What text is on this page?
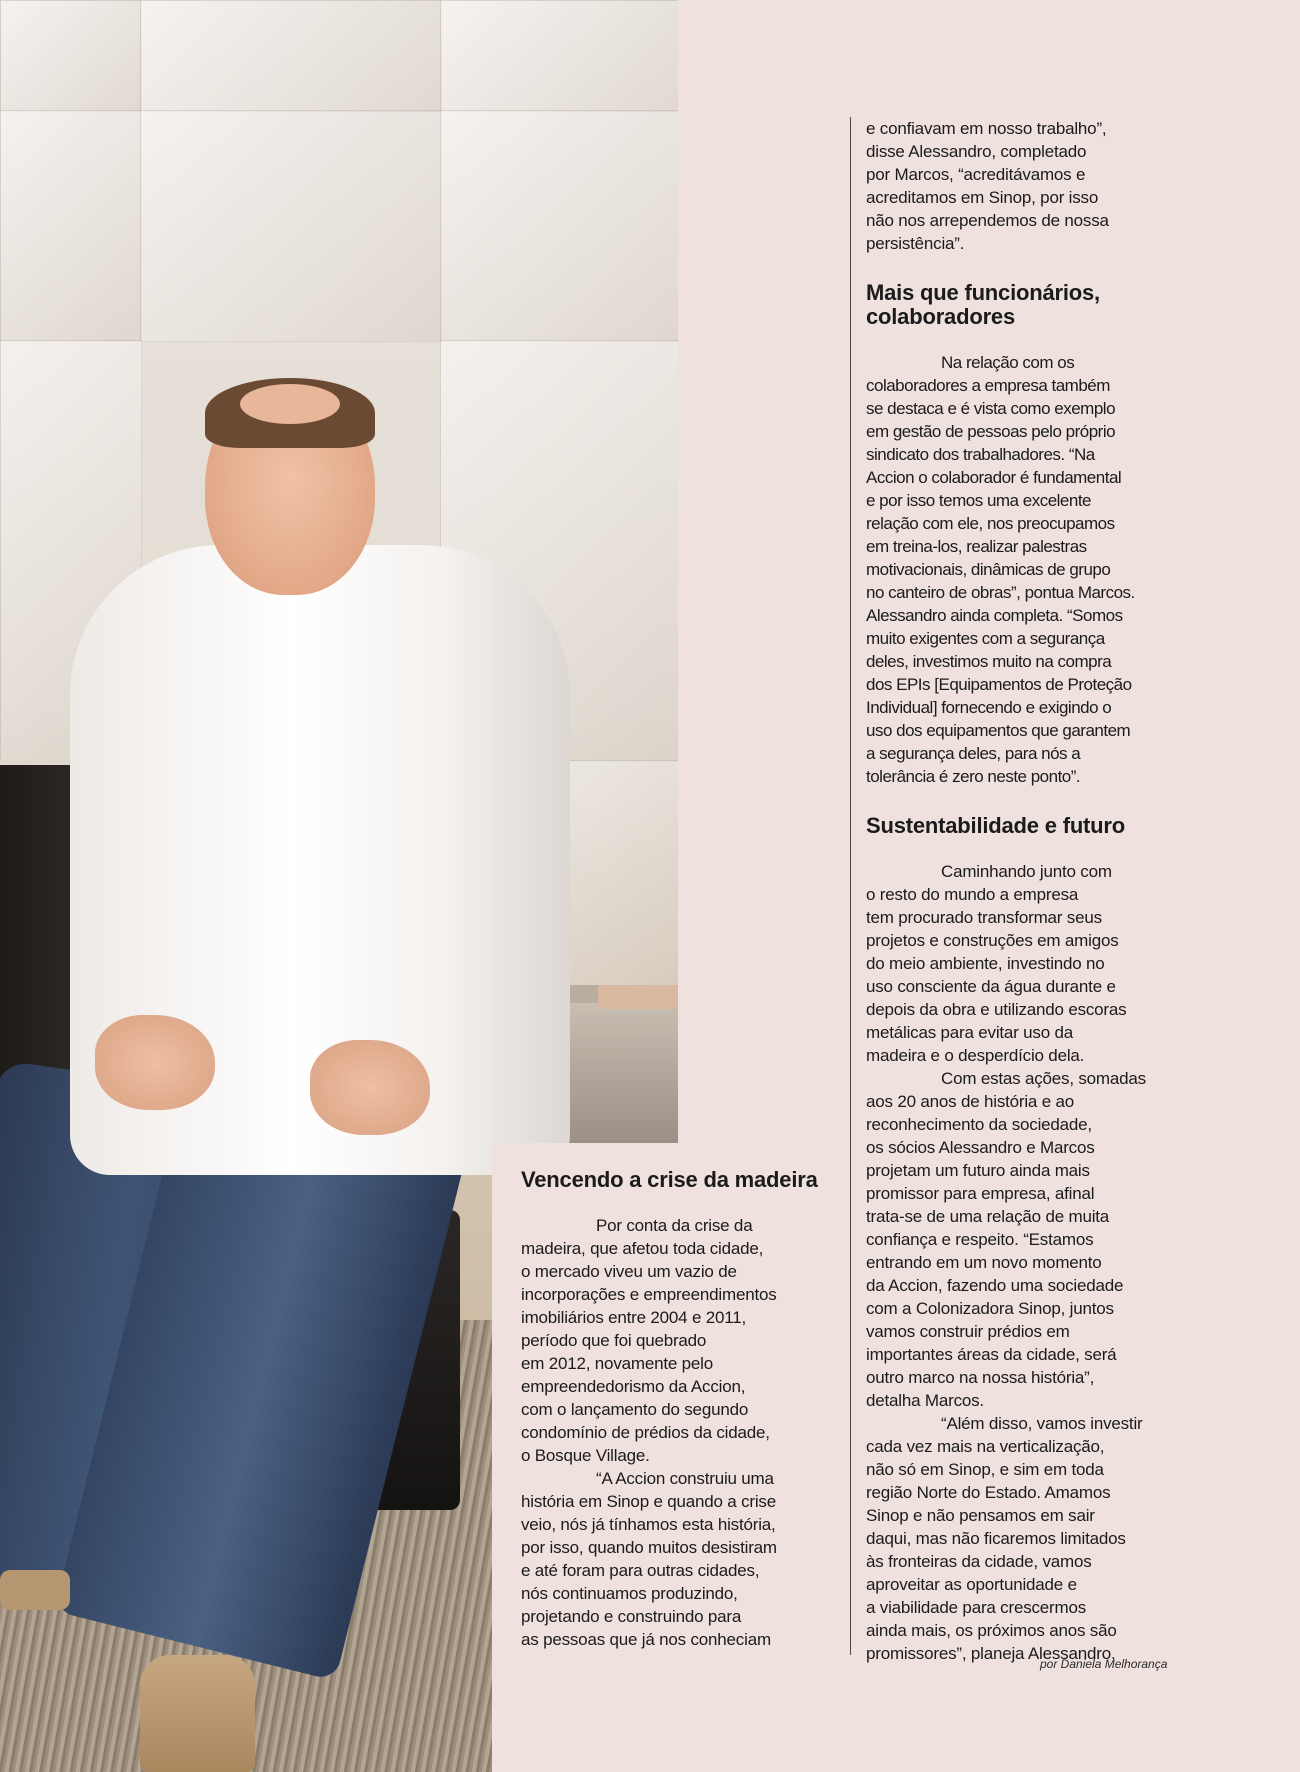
Vencendo a crise da madeira

Por conta da crise da
madeira, que afetou toda cidade,
o mercado viveu um vazio de
incorporações e empreendimentos
imobiliários entre 2004 e 2011,
período que foi quebrado
em 2012, novamente pelo
empreendedorismo da Accion,
com o lançamento do segundo
condomínio de prédios da cidade,
o Bosque Village.

“A Accion construiu uma
história em Sinop e quando a crise
veio, nós já tínhamos esta história,
por isso, quando muitos desistiram
e até foram para outras cidades,
nós continuamos produzindo,
projetando e construindo para
as pessoas que já nos conheciam

e confiavam em nosso trabalho”,
disse Alessandro, completado
por Marcos, “acreditávamos e
acreditamos em Sinop, por isso
não nos arrependemos de nossa
persistência”.

Mais que funcionários,
colaboradores

Na relação com os
colaboradores a empresa também
se destaca e é vista como exemplo
em gestão de pessoas pelo próprio
sindicato dos trabalhadores. “Na
Accion o colaborador é fundamental
e por isso temos uma excelente
relação com ele, nos preocupamos
em treina-los, realizar palestras
motivacionais, dinâmicas de grupo
no canteiro de obras”, pontua Marcos.
Alessandro ainda completa. “Somos
muito exigentes com a segurança
deles, investimos muito na compra
dos EPIs [Equipamentos de Proteção
Individual] fornecendo e exigindo o
uso dos equipamentos que garantem
a segurança deles, para nós a
tolerância é zero neste ponto”.

Sustentabilidade e futuro

Caminhando junto com
o resto do mundo a empresa
tem procurado transformar seus
projetos e construções em amigos
do meio ambiente, investindo no
uso consciente da água durante e
depois da obra e utilizando escoras
metálicas para evitar uso da
madeira e o desperdício dela.

Com estas ações, somadas
aos 20 anos de história e ao
reconhecimento da sociedade,
os sócios Alessandro e Marcos
projetam um futuro ainda mais
promissor para empresa, afinal
trata-se de uma relação de muita
confiança e respeito. “Estamos
entrando em um novo momento
da Accion, fazendo uma sociedade
com a Colonizadora Sinop, juntos
vamos construir prédios em
importantes áreas da cidade, será
outro marco na nossa história”,
detalha Marcos.

“Além disso, vamos investir
cada vez mais na verticalização,
não só em Sinop, e sim em toda
região Norte do Estado. Amamos
Sinop e não pensamos em sair
daqui, mas não ficaremos limitados
às fronteiras da cidade, vamos
aproveitar as oportunidade e
a viabilidade para crescermos
ainda mais, os próximos anos são
promissores”, planeja Alessandro.

por Daniela Melhorança
